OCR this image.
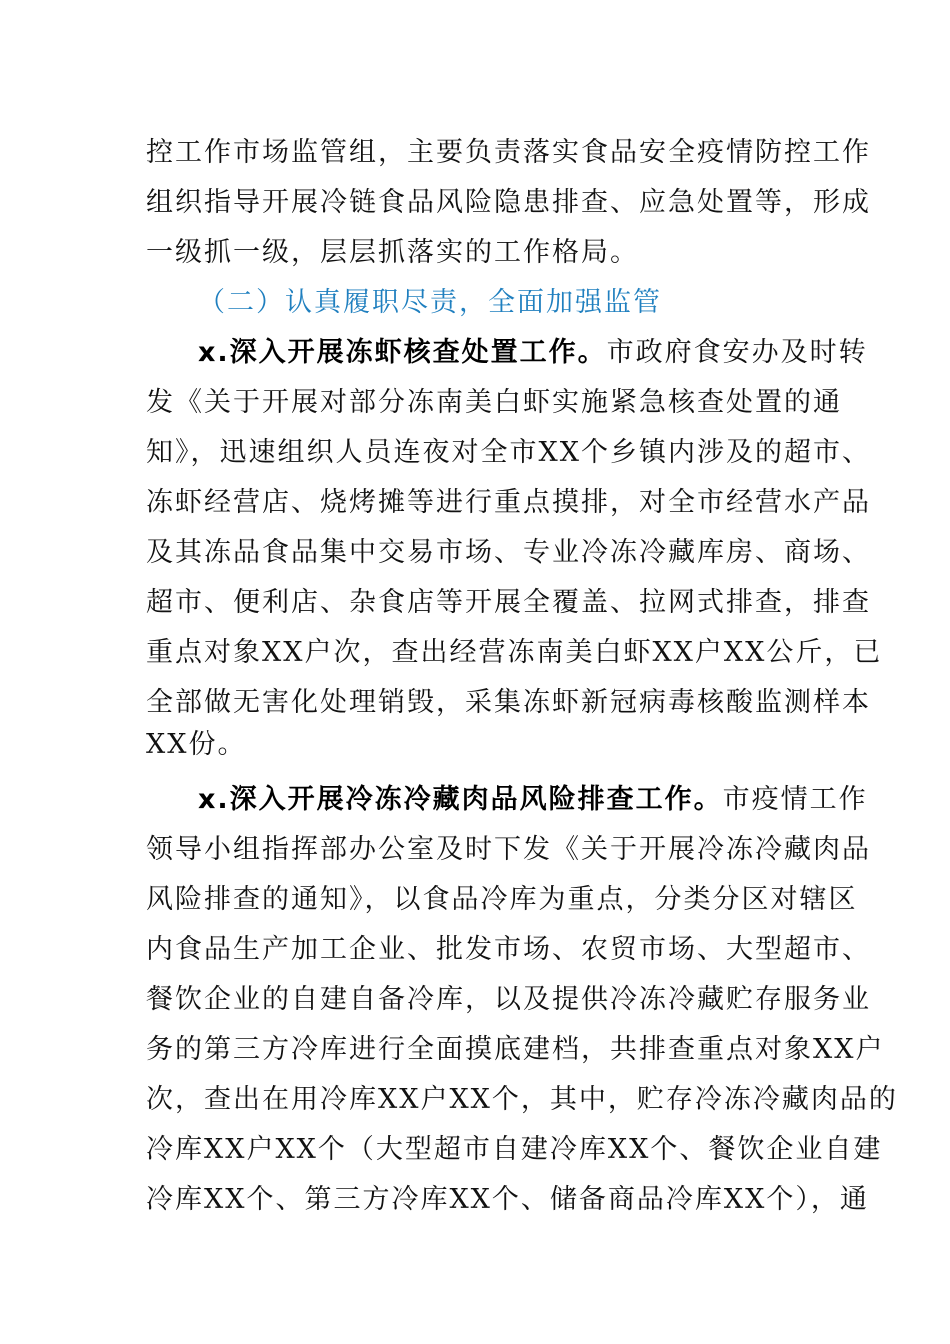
控工作市场监管组，主要负责落实食品安全疫情防控工作
组织指导开展冷链食品风险隐患排查、应急处置等，形成
一级抓一级，层层抓落实的工作格局。
（二）认真履职尽责，全面加强监管
x.深入开展冻虾核查处置工作。市政府食安办及时转
发《关于开展对部分冻南美白虾实施紧急核查处置的通
知》，迅速组织人员连夜对全市XX个乡镇内涉及的超市、
冻虾经营店、烧烤摊等进行重点摸排，对全市经营水产品
及其冻品食品集中交易市场、专业冷冻冷藏库房、商场、
超市、便利店、杂食店等开展全覆盖、拉网式排查，排查
重点对象XX户次，查出经营冻南美白虾XX户XX公斤，已
全部做无害化处理销毁，采集冻虾新冠病毒核酸监测样本
XX份。
x.深入开展冷冻冷藏肉品风险排查工作。市疫情工作
领导小组指挥部办公室及时下发《关于开展冷冻冷藏肉品
风险排查的通知》，以食品冷库为重点，分类分区对辖区
内食品生产加工企业、批发市场、农贸市场、大型超市、
餐饮企业的自建自备冷库，以及提供冷冻冷藏贮存服务业
务的第三方冷库进行全面摸底建档，共排查重点对象XX户
次，查出在用冷库XX户XX个，其中，贮存冷冻冷藏肉品的
冷库XX户XX个（大型超市自建冷库XX个、餐饮企业自建
冷库XX个、第三方冷库XX个、储备商品冷库XX个），通
